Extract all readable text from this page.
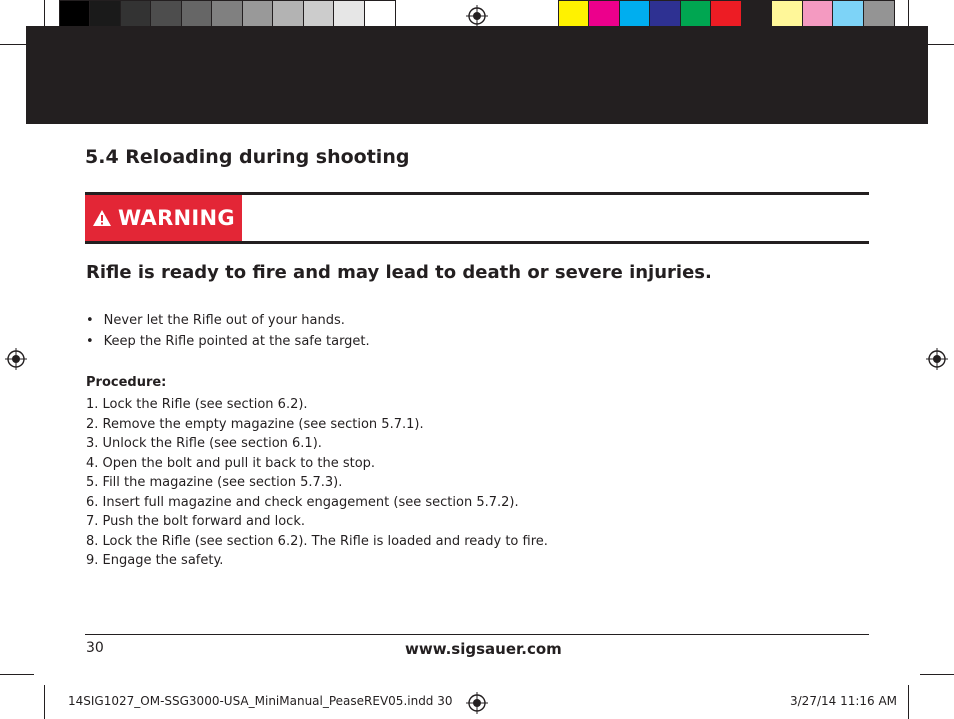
5.4 Reloading during shooting
WARNING
Rifle is ready to fire and may lead to death or severe injuries.
• Never let the Rifle out of your hands.
• Keep the Rifle pointed at the safe target.
Procedure:
1. Lock the Rifle (see section 6.2).
2. Remove the empty magazine (see section 5.7.1).
3. Unlock the Rifle (see section 6.1).
4. Open the bolt and pull it back to the stop.
5. Fill the magazine (see section 5.7.3).
6. Insert full magazine and check engagement (see section 5.7.2).
7. Push the bolt forward and lock.
8. Lock the Rifle (see section 6.2). The Rifle is loaded and ready to fire.
9. Engage the safety.
30	www.sigsauer.com
14SIG1027_OM-SSG3000-USA_MiniManual_PeaseREV05.indd 30	3/27/14 11:16 AM
